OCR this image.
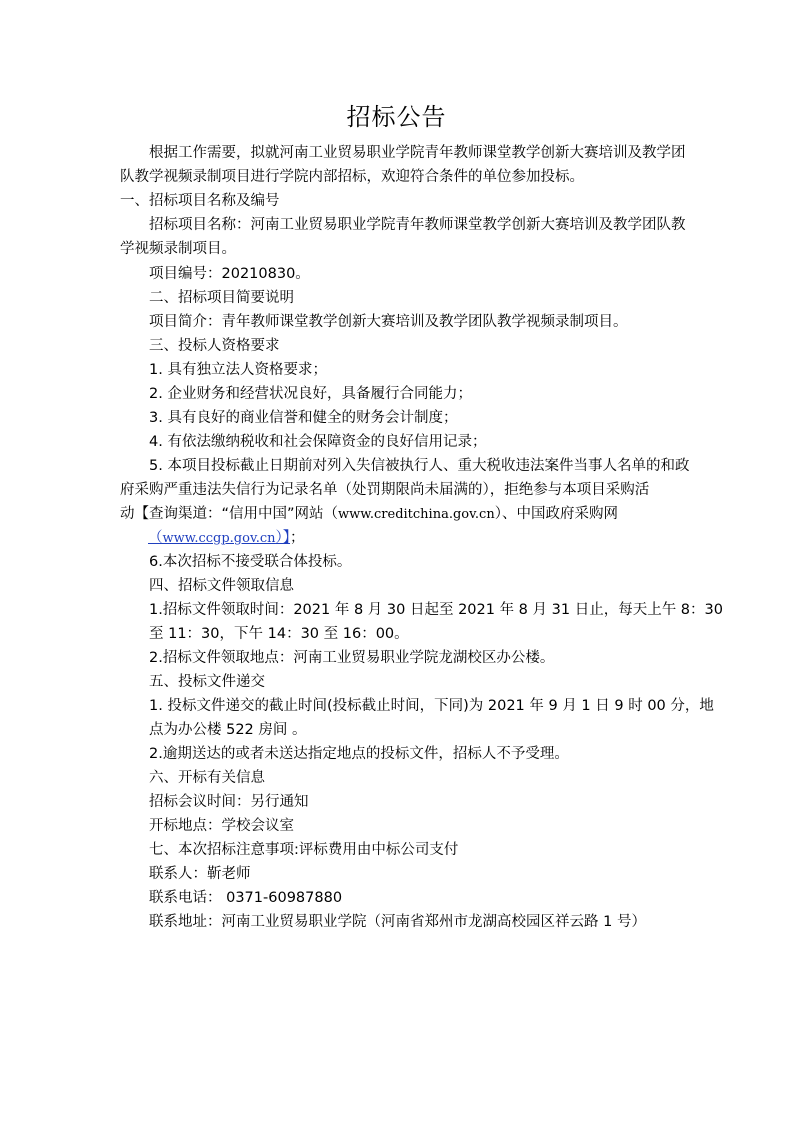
招标公告
根据工作需要，拟就河南工业贸易职业学院青年教师课堂教学创新大赛培训及教学团
队教学视频录制项目进行学院内部招标，欢迎符合条件的单位参加投标。
一、招标项目名称及编号
招标项目名称：河南工业贸易职业学院青年教师课堂教学创新大赛培训及教学团队教
学视频录制项目。
项目编号：20210830。
二、招标项目简要说明
项目简介：青年教师课堂教学创新大赛培训及教学团队教学视频录制项目。
三、投标人资格要求
1. 具有独立法人资格要求；
2. 企业财务和经营状况良好，具备履行合同能力；
3. 具有良好的商业信誉和健全的财务会计制度；
4. 有依法缴纳税收和社会保障资金的良好信用记录；
5. 本项目投标截止日期前对列入失信被执行人、重大税收违法案件当事人名单的和政
府采购严重违法失信行为记录名单（处罚期限尚未届满的），拒绝参与本项目采购活
动【查询渠道：“信用中国”网站（www.creditchina.gov.cn）、中国政府采购网
（www.ccgp.gov.cn）】；
6.本次招标不接受联合体投标。
四、招标文件领取信息
1.招标文件领取时间：2021 年 8 月 30 日起至 2021 年 8 月 31 日止，每天上午 8：30
至 11：30，下午 14：30 至 16：00。
2.招标文件领取地点：河南工业贸易职业学院龙湖校区办公楼。
五、投标文件递交
1. 投标文件递交的截止时间(投标截止时间，下同)为 2021 年 9 月 1 日 9 时 00 分，地
点为办公楼 522 房间 。
2.逾期送达的或者未送达指定地点的投标文件，招标人不予受理。
六、开标有关信息
招标会议时间：另行通知
开标地点：学校会议室
七、本次招标注意事项:评标费用由中标公司支付
联系人：靳老师
联系电话： 0371-60987880
联系地址：河南工业贸易职业学院（河南省郑州市龙湖高校园区祥云路 1 号）
